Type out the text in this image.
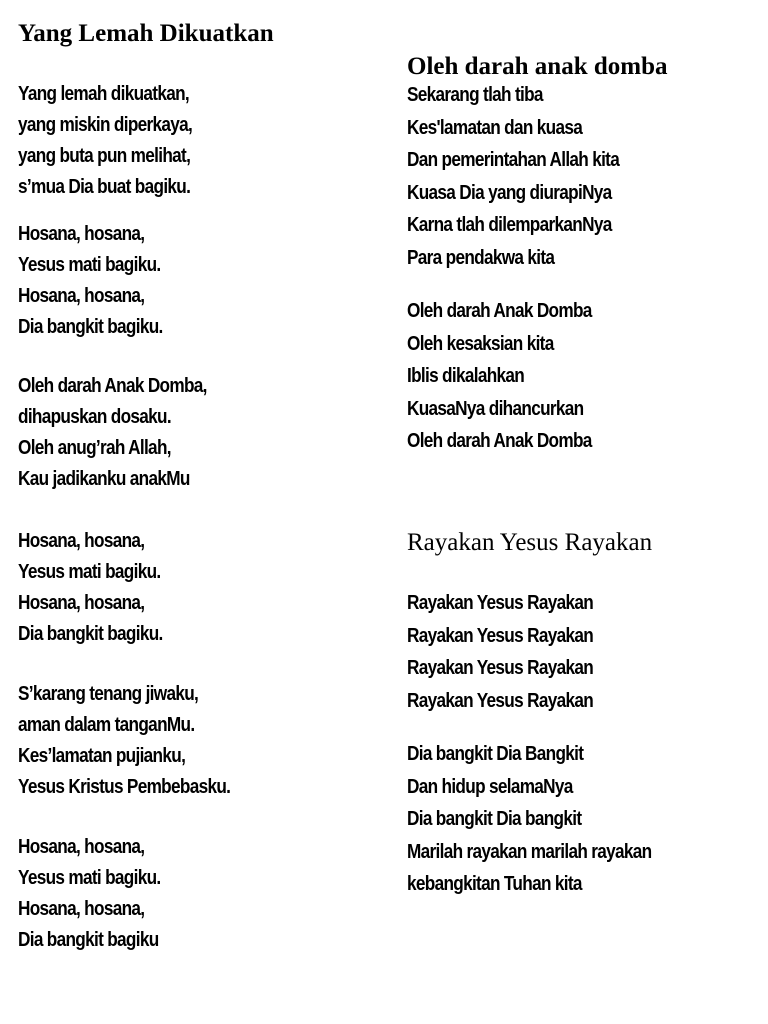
Yang Lemah Dikuatkan
Yang lemah dikuatkan,
yang miskin diperkaya,
yang buta pun melihat,
s’mua Dia buat bagiku.
Hosana, hosana,
Yesus mati bagiku.
Hosana, hosana,
Dia bangkit bagiku.
Oleh darah Anak Domba,
dihapuskan dosaku.
Oleh anug’rah Allah,
Kau jadikanku anakMu
Hosana, hosana,
Yesus mati bagiku.
Hosana, hosana,
Dia bangkit bagiku.
S’karang tenang jiwaku,
aman dalam tanganMu.
Kes’lamatan pujianku,
Yesus Kristus Pembebasku.
Hosana, hosana,
Yesus mati bagiku.
Hosana, hosana,
Dia bangkit bagiku
Oleh darah anak domba
Sekarang tlah tiba
Kes'lamatan dan kuasa
Dan pemerintahan Allah kita
Kuasa Dia yang diurapiNya
Karna tlah dilemparkanNya
Para pendakwa kita
Oleh darah Anak Domba
Oleh kesaksian kita
Iblis dikalahkan
KuasaNya dihancurkan
Oleh darah Anak Domba
Rayakan Yesus Rayakan
Rayakan Yesus Rayakan
Rayakan Yesus Rayakan
Rayakan Yesus Rayakan
Rayakan Yesus Rayakan
Dia bangkit Dia Bangkit
Dan hidup selamaNya
Dia bangkit Dia bangkit
Marilah rayakan marilah rayakan
kebangkitan Tuhan kita
